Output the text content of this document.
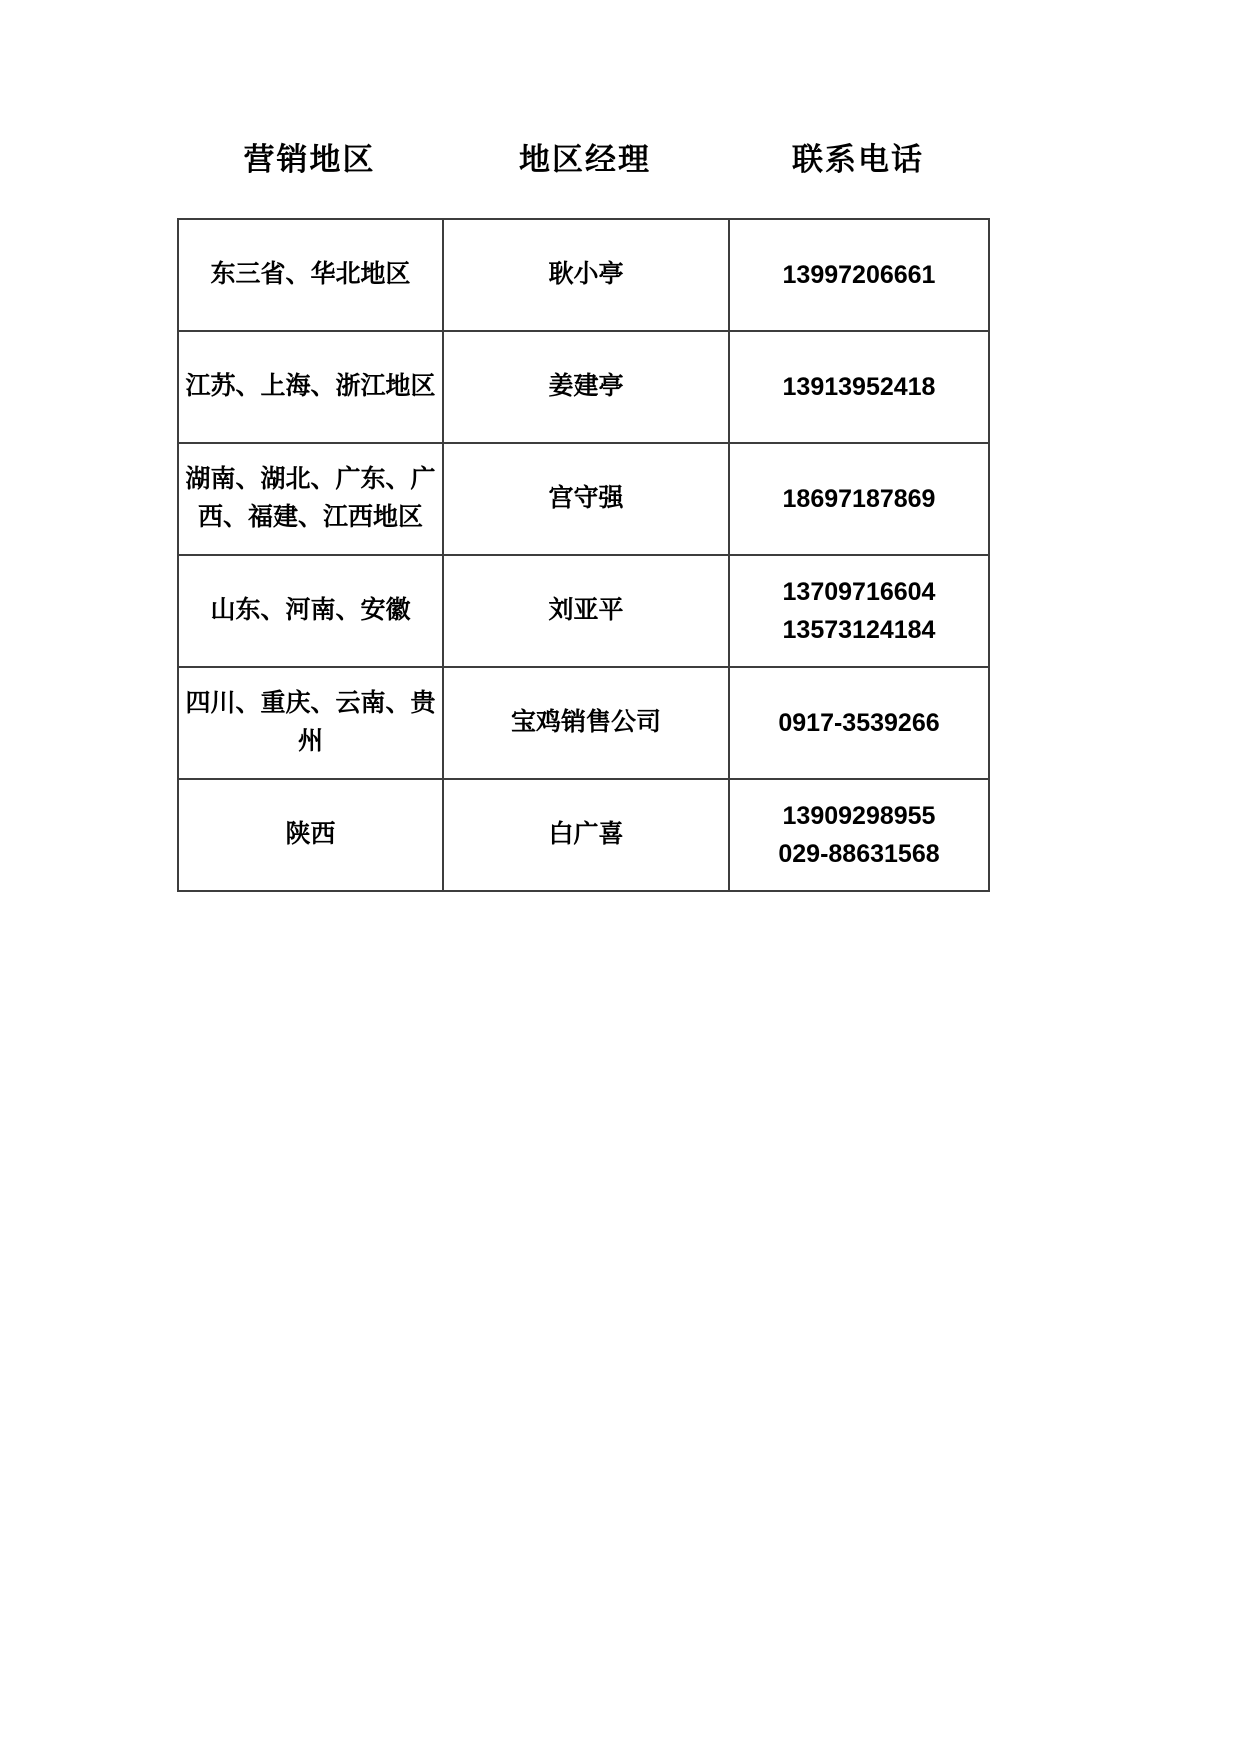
营销地区	地区经理	联系电话
东三省、华北地区	耿小亭	13997206661

江苏、上海、浙江地区	姜建亭	13913952418

湖南、湖北、广东、广西、福建、江西地区	宫守强	18697187869

山东、河南、安徽	刘亚平	13709716604
13573124184

四川、重庆、云南、贵州	宝鸡销售公司	0917-3539266

陕西	白广喜	13909298955
029-88631568
